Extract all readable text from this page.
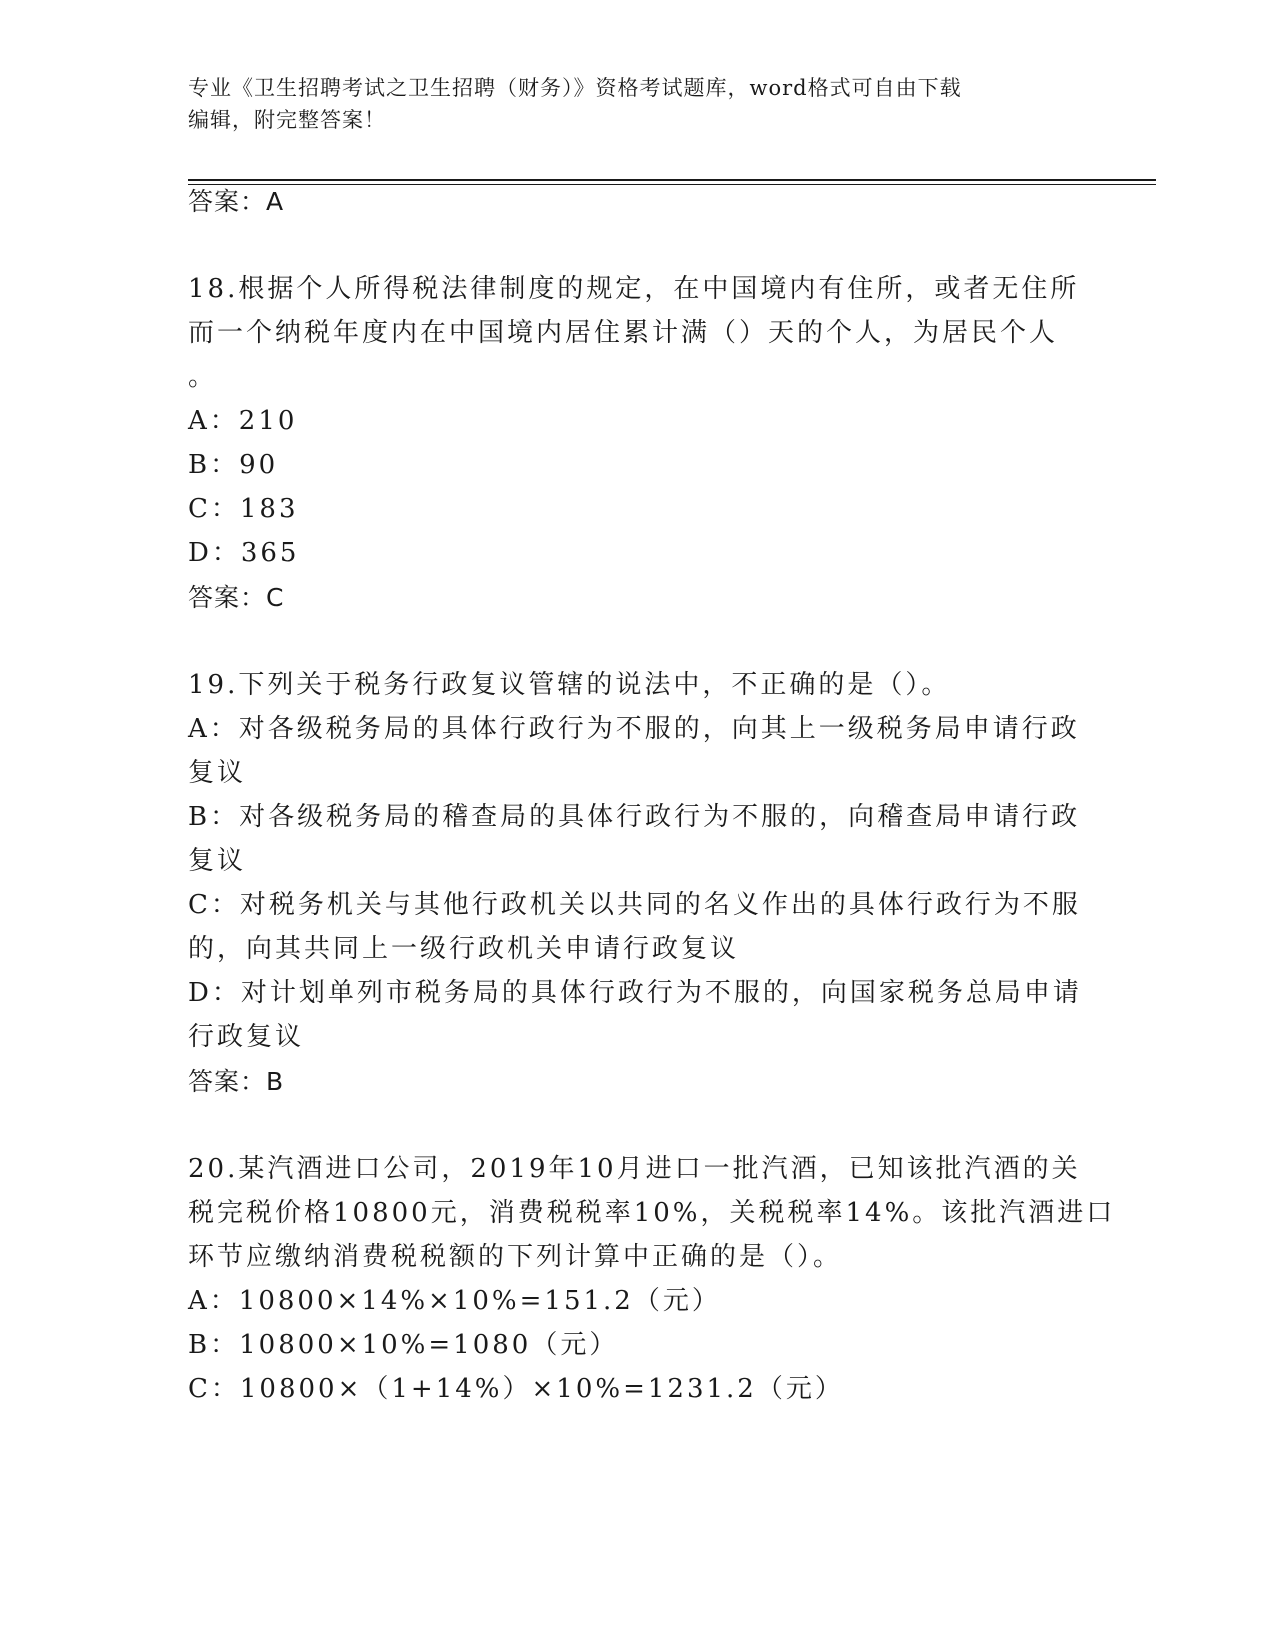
专业《卫生招聘考试之卫生招聘（财务）》资格考试题库，word格式可自由下载
编辑，附完整答案！
答案：A
18.根据个人所得税法律制度的规定，在中国境内有住所，或者无住所
而一个纳税年度内在中国境内居住累计满（）天的个人，为居民个人
。
A：210
B：90
C：183
D：365
答案：C
19.下列关于税务行政复议管辖的说法中，不正确的是（）。
A：对各级税务局的具体行政行为不服的，向其上一级税务局申请行政
复议
B：对各级税务局的稽查局的具体行政行为不服的，向稽查局申请行政
复议
C：对税务机关与其他行政机关以共同的名义作出的具体行政行为不服
的，向其共同上一级行政机关申请行政复议
D：对计划单列市税务局的具体行政行为不服的，向国家税务总局申请
行政复议
答案：B
20.某汽酒进口公司，2019年10月进口一批汽酒，已知该批汽酒的关
税完税价格10800元，消费税税率10%，关税税率14%。该批汽酒进口
环节应缴纳消费税税额的下列计算中正确的是（）。
A：10800×14%×10%=151.2（元）
B：10800×10%=1080（元）
C：10800×（1+14%）×10%=1231.2（元）
